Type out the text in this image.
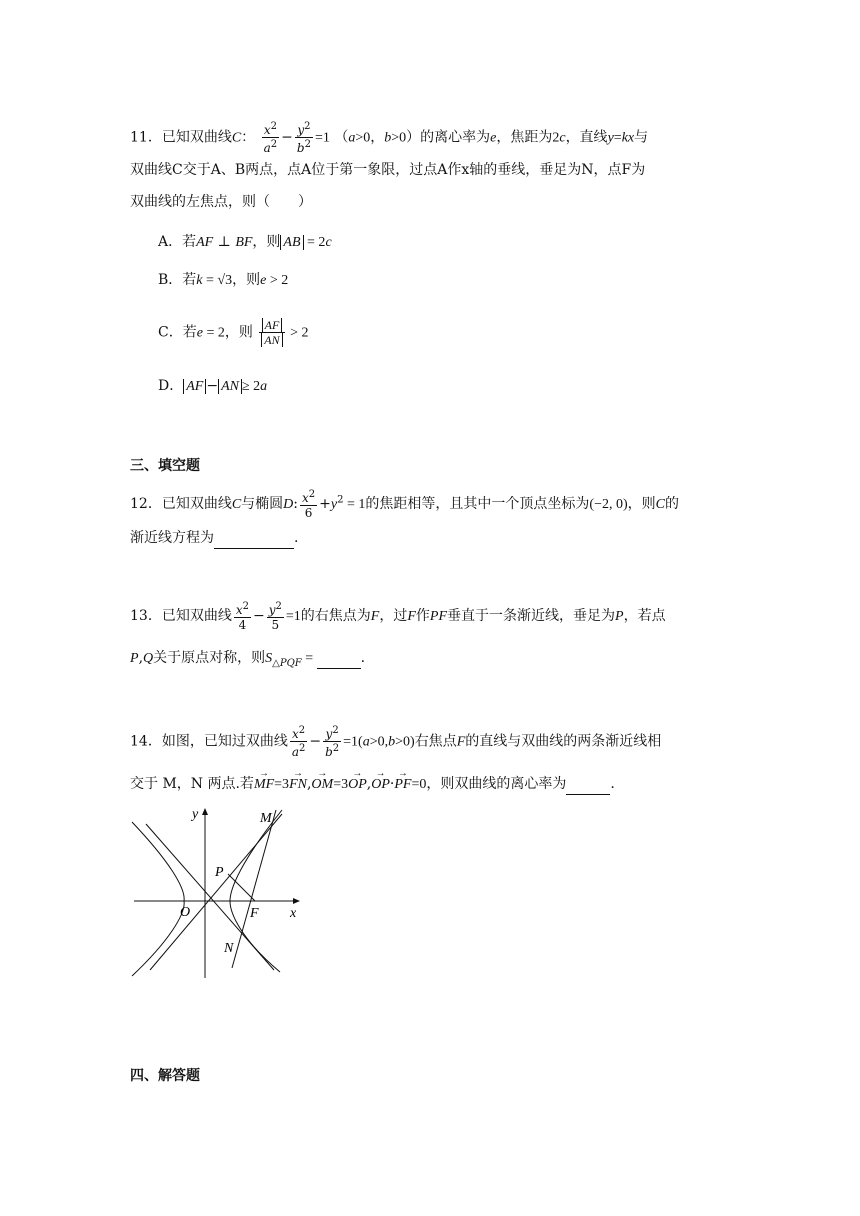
11．已知双曲线C： $\frac{x^2}{a^2} - \frac{y^2}{b^2} =1$ （a>0，b>0）的离心率为e，焦距为2c，直线y=kx与
双曲线C交于A、B两点，点A位于第一象限，过点A作x轴的垂线，垂足为N，点F为
双曲线的左焦点，则（　　）
A．若AF ⊥ BF，则 AB = 2c
B．若k = √3，则e > 2
C．若e = 2，则 $\frac{AF}{AN} > 2$
D． AF − AN ≥ 2a
三、填空题
12．已知双曲线C与椭圆D: $\frac{x^2}{6} +y^2 = 1$的焦距相等，且其中一个顶点坐标为(−2, 0)，则C的
渐近线方程为	.
13．已知双曲线 $\frac{x^2}{4} - \frac{y^2}{5} =1$的右焦点为F，过F作PF垂直于一条渐近线，垂足为P，若点
P,Q关于原点对称，则$S_{\triangle PQF}$ =	.
14．如图，已知过双曲线 $\frac{x^2}{a^2} - \frac{y^2}{b^2} =1(a>0,b>0)$右焦点F的直线与双曲线的两条渐近线相
交于 M，N 两点.若→ MF=3→ FN,→ OM=3→ OP,→ OP·→ PF=0，则双曲线的离心率为	.
y
x
M
P
O	F
N
四、解答题
